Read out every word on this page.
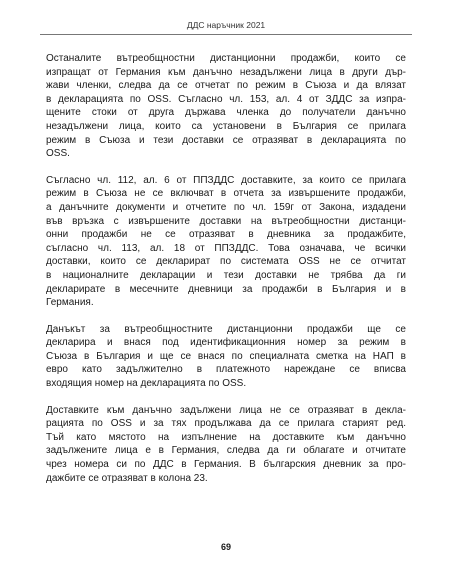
ДДС наръчник 2021

Останалите вътреобщностни дистанционни продажби, които се
изпращат от Германия към данъчно незадължени лица в други дър-
жави членки, следва да се отчетат по режим в Съюза и да влязат
в декларацията по OSS. Съгласно чл. 153, ал. 4 от ЗДДС за изпра-
щените стоки от друга държава членка до получатели данъчно
незадължени лица, които са установени в България се прилага
режим в Съюза и тези доставки се отразяват в декларацията по
OSS.

Съгласно чл. 112, ал. 6 от ППЗДДС доставките, за които се прилага
режим в Съюза не се включват в отчета за извършените продажби,
а данъчните документи и отчетите по чл. 159г от Закона, издадени
във връзка с извършените доставки на вътреобщностни дистанци-
онни продажби не се отразяват в дневника за продажбите,
съгласно чл. 113, ал. 18 от ППЗДДС. Това означава, че всички
доставки, които се декларират по системата OSS не се отчитат
в националните декларации и тези доставки не трябва да ги
декларирате в месечните дневници за продажби в България и в
Германия.

Данъкът за вътреобщностните дистанционни продажби ще се
декларира и внася под идентификационния номер за режим в
Съюза в България и ще се внася по специалната сметка на НАП в
евро като задължително в платежното нареждане се вписва
входящия номер на декларацията по OSS.

Доставките към данъчно задължени лица не се отразяват в декла-
рацията по OSS и за тях продължава да се прилага старият ред.
Тъй като мястото на изпълнение на доставките към данъчно
задължените лица е в Германия, следва да ги облагате и отчитате
чрез номера си по ДДС в Германия. В българския дневник за про-
дажбите се отразяват в колона 23.

69
